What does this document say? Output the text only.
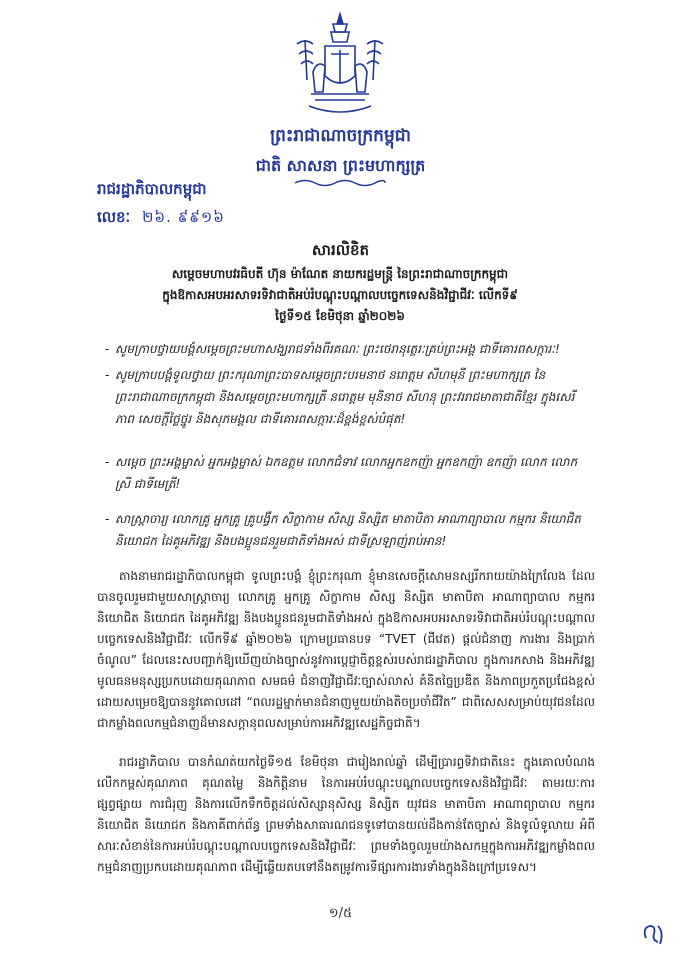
ព្រះរាជាណាចក្រកម្ពុជា
ជាតិ សាសនា ព្រះមហាក្សត្រ
រាជរដ្ឋាភិបាលកម្ពុជា
លេខៈ ២៦. ៩៩១៦
សារលិខិត
សម្ដេចមហាបវរធិបតី ហ៊ុន ម៉ាណែត នាយករដ្ឋមន្ត្រី នៃព្រះរាជាណាចក្រកម្ពុជា
ក្នុងឱកាសអបអរសាទរទិវាជាតិអប់រំបណ្តុះបណ្តាលបច្ចេកទេសនិងវិជ្ជាជីវៈ លើកទី៩
ថ្ងៃទី១៥ ខែមិថុនា ឆ្នាំ២០២៦
- សូមក្រាបថ្វាយបង្គំសម្តេចព្រះមហាសង្ឃរាជទាំងពីរគណៈ ព្រះថេរានុត្ថេរៈគ្រប់ព្រះអង្គ ជាទីគោរពសក្ការៈ!
- សូមក្រាបបង្គំទូលថ្វាយ ព្រះករុណាព្រះបាទសម្តេចព្រះបរមនាថ នរោត្តម សីហមុនី ព្រះមហាក្សត្រ នៃព្រះរាជាណាចក្រកម្ពុជា និងសម្តេចព្រះមហាក្សត្រី នរោត្តម មុនិនាថ សីហនុ ព្រះវររាជមាតាជាតិខ្មែរ ក្នុងសេរីភាព សេចក្តីថ្លៃថ្នូរ និងសុភមង្គល ជាទីគោរពសក្ការៈដ៏ខ្ពង់ខ្ពស់បំផុត!
- សម្តេច ព្រះអង្គម្ចាស់ អ្នកអង្គម្ចាស់ ឯកឧត្តម លោកជំទាវ លោកអ្នកឧកញ៉ា អ្នកឧកញ៉ា ឧកញ៉ា លោក លោកស្រី ជាទីមេត្រី!
- សាស្ត្រាចារ្យ លោកគ្រូ អ្នកគ្រូ គ្រូបង្វឹក សិក្ខាកាម សិស្ស និស្សិត មាតាបិតា អាណាព្យាបាល កម្មករ និយោជិត និយោជក ដៃគូអភិវឌ្ឍ និងបងប្អូនជនរួមជាតិទាំងអស់ ជាទីស្រឡាញ់រាប់អាន!
តាងនាមរាជរដ្ឋាភិបាលកម្ពុជា ទូលព្រះបង្គំ ខ្ញុំព្រះករុណា ខ្ញុំមានសេចក្តីសោមនស្សរីករាយយ៉ាងក្រៃលែង ដែលបានចូលរួមជាមួយសាស្ត្រាចារ្យ លោកគ្រូ អ្នកគ្រូ សិក្ខាកាម សិស្ស និស្សិត មាតាបិតា អាណាព្យាបាល កម្មករនិយោជិត និយោជក ដៃគូអភិវឌ្ឍ និងបងប្អូនជនរួមជាតិទាំងអស់ ក្នុងឱកាសអបអរសាទរទិវាជាតិអប់រំបណ្តុះបណ្តាលបច្ចេកទេសនិងវិជ្ជាជីវៈ លើកទី៩ ឆ្នាំ២០២៦ ក្រោមប្រធានបទ “TVET (ជីវេត) ផ្តល់ជំនាញ ការងារ និងប្រាក់ចំណូល” ដែលនេះសបញ្ជាក់ឱ្យឃើញយ៉ាងច្បាស់នូវការប្តេជ្ញាចិត្តខ្ពស់របស់រាជរដ្ឋាភិបាល ក្នុងការកសាង និងអភិវឌ្ឍមូលធនមនុស្សប្រកបដោយគុណភាព សមធម៌ ជំនាញវិជ្ជាជីវៈច្បាស់លាស់ គំនិតច្នៃប្រឌិត និងភាពប្រកួតប្រជែងខ្ពស់ ដោយសម្រេចឱ្យបាននូវគោលដៅ “ពលរដ្ឋម្នាក់មានជំនាញមួយយ៉ាងតិចប្រចាំជីវិត” ជាពិសេសសម្រាប់យុវជនដែលជាកម្លាំងពលកម្មជំនាញដ៏មានសក្តានុពលសម្រាប់ការអភិវឌ្ឍសេដ្ឋកិច្ចជាតិ។
រាជរដ្ឋាភិបាល បានកំណត់យកថ្ងៃទី១៥ ខែមិថុនា ជារៀងរាល់ឆ្នាំ ដើម្បីប្រារព្ធទិវាជាតិនេះ ក្នុងគោលបំណងលើកកម្ពស់គុណភាព គុណតម្លៃ និងកិត្តិនាម នៃការអប់រំបណ្តុះបណ្តាលបច្ចេកទេសនិងវិជ្ជាជីវៈ តាមរយៈការផ្សព្វផ្សាយ ការជំរុញ និងការលើកទឹកចិត្តដល់សិស្សានុសិស្ស និស្សិត យុវជន មាតាបិតា អាណាព្យាបាល កម្មករនិយោជិត និយោជក និងភាគីពាក់ព័ន្ធ ព្រមទាំងសាធារណជនទូទៅបានយល់ដឹងកាន់តែច្បាស់ និងទូលំទូលាយ អំពីសារៈសំខាន់នៃការអប់រំបណ្តុះបណ្តាលបច្ចេកទេសនិងវិជ្ជាជីវៈ ព្រមទាំងចូលរួមយ៉ាងសកម្មក្នុងការអភិវឌ្ឍកម្លាំងពលកម្មជំនាញប្រកបដោយគុណភាព ដើម្បីឆ្លើយតបទៅនឹងតម្រូវការទីផ្សារការងារទាំងក្នុងនិងក្រៅប្រទេស។
១/៥
